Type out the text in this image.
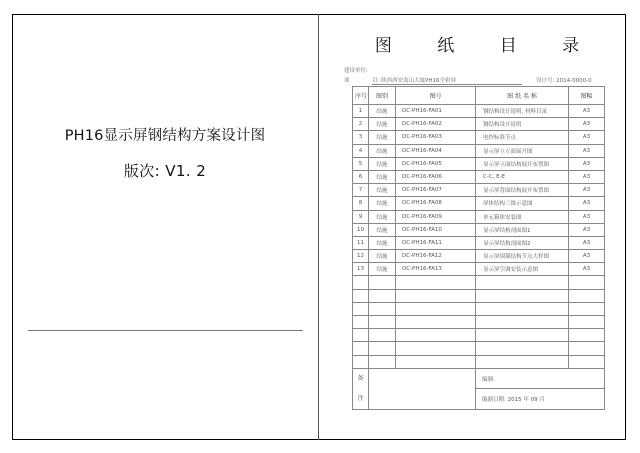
PH16显示屏钢结构方案设计图
版次: V1. 2
图 纸 目 录
建设单位:
项	目: 陕西西安南山大厦PH16全彩屏	设计号: 2014-0000-0
序号	图别	图号	图 纸 名 称	图幅
1	结施	DC-PH16-FA01	钢结构设计说明, 材料目录	A3
2	结施	DC-PH16-FA02	钢结构设计说明	A3
3	结施	DC-PH16-FA03	电焊标准节点	A3
4	结施	DC-PH16-FA04	显示屏立立面展开图	A3
5	结施	DC-PH16-FA05	显示屏立面结构展开布置图	A3
6	结施	DC-PH16-FA06	C-C, E-E	A3
7	结施	DC-PH16-FA07	显示屏背面结构展开布置图	A3
8	结施	DC-PH16-FA08	屏体结构三维示意图	A3
9	结施	DC-PH16-FA09	单元箱体安装图	A3
10	结施	DC-PH16-FA10	显示屏结构剖面图1	A3
11	结施	DC-PH16-FA11	显示屏结构剖面图2	A3
12	结施	DC-PH16-FA12	显示屏围篱结构节点大样图	A3
13	结施	DC-PH16-FA13	显示屏空调安装示意图	A3

备 注			编制:	
			编制日期: 2015 年 09 月	
